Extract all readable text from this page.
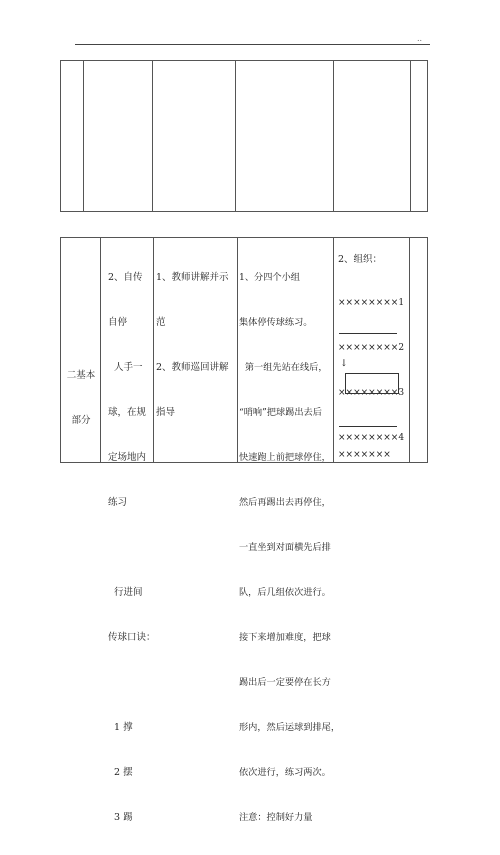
..

二基本

部分

2、自传

自停

人手一

球，在规

定场地内

练习

行进间

传球口诀：

1 撑

2 摆

3 踢

1、教师讲解并示

范

2、教师巡回讲解

指导

1、分四个小组

集体停传球练习。

第一组先站在线后，

“哨响”把球踢出去后

快速跑上前把球停住，

然后再踢出去再停住，

一直坐到对面横先后排

队，后几组依次进行。

接下来增加难度，把球

踢出后一定要停在长方

形内，然后运球到排尾，

依次进行，练习两次。

注意：控制好力量

2、组织：

××××××××1

××××××××2

××××××××3

××××××××4

↓
×××××××
